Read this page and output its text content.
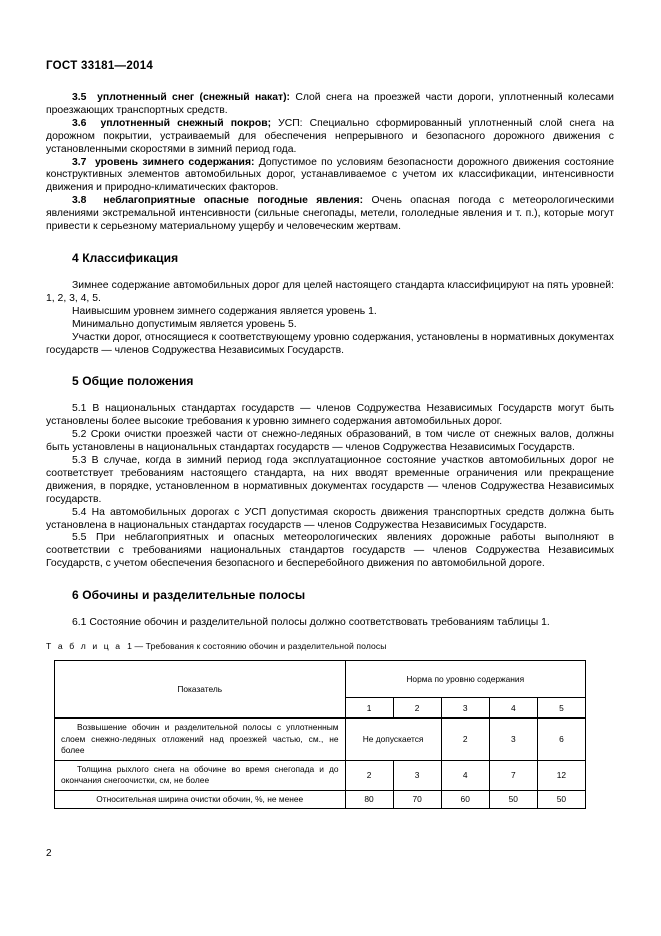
ГОСТ 33181—2014

3.5 уплотненный снег (снежный накат): Слой снега на проезжей части дороги, уплотненный колесами проезжающих транспортных средств.

3.6 уплотненный снежный покров; УСП: Специально сформированный уплотненный слой снега на дорожном покрытии, устраиваемый для обеспечения непрерывного и безопасного дорожного движения с установленными скоростями в зимний период года.

3.7 уровень зимнего содержания: Допустимое по условиям безопасности дорожного движения состояние конструктивных элементов автомобильных дорог, устанавливаемое с учетом их классификации, интенсивности движения и природно-климатических факторов.

3.8 неблагоприятные опасные погодные явления: Очень опасная погода с метеорологическими явлениями экстремальной интенсивности (сильные снегопады, метели, гололедные явления и т. п.), которые могут привести к серьезному материальному ущербу и человеческим жертвам.

4 Классификация

Зимнее содержание автомобильных дорог для целей настоящего стандарта классифицируют на пять уровней: 1, 2, 3, 4, 5.

Наивысшим уровнем зимнего содержания является уровень 1.

Минимально допустимым является уровень 5.

Участки дорог, относящиеся к соответствующему уровню содержания, установлены в нормативных документах государств — членов Содружества Независимых Государств.

5 Общие положения

5.1 В национальных стандартах государств — членов Содружества Независимых Государств могут быть установлены более высокие требования к уровню зимнего содержания автомобильных дорог.

5.2 Сроки очистки проезжей части от снежно-ледяных образований, в том числе от снежных валов, должны быть установлены в национальных стандартах государств — членов Содружества Независимых Государств.

5.3 В случае, когда в зимний период года эксплуатационное состояние участков автомобильных дорог не соответствует требованиям настоящего стандарта, на них вводят временные ограничения или прекращение движения, в порядке, установленном в нормативных документах государств — членов Содружества Независимых государств.

5.4 На автомобильных дорогах с УСП допустимая скорость движения транспортных средств должна быть установлена в национальных стандартах государств — членов Содружества Независимых Государств.

5.5 При неблагоприятных и опасных метеорологических явлениях дорожные работы выполняют в соответствии с требованиями национальных стандартов государств — членов Содружества Независимых Государств, с учетом обеспечения безопасного и бесперебойного движения по автомобильной дороге.

6 Обочины и разделительные полосы

6.1 Состояние обочин и разделительной полосы должно соответствовать требованиям таблицы 1.

Т а б л и ц а 1 — Требования к состоянию обочин и разделительной полосы
Показатель	Норма по уровню содержания				
	1	2	3	4	5
Возвышение обочин и разделительной полосы с уплотненным слоем снежно-ледяных отложений над проезжей частью, см., не более	Не допускается		2	3	6
Толщина рыхлого снега на обочине во время снегопада и до окончания снегоочистки, см, не более	2	3	4	7	12
Относительная ширина очистки обочин, %, не менее	80	70	60	50	50
2
